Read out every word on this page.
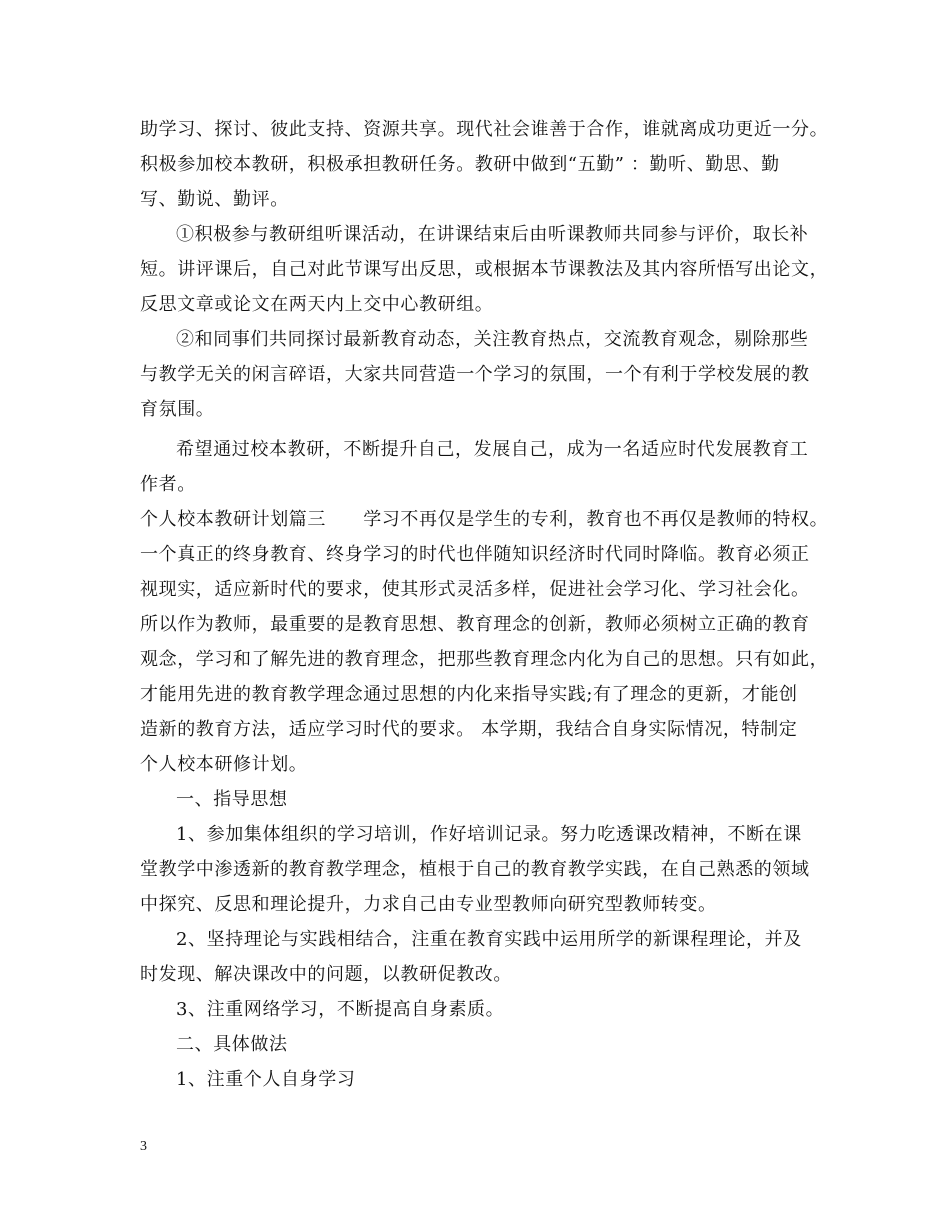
助学习、探讨、彼此支持、资源共享。现代社会谁善于合作，谁就离成功更近一分。
积极参加校本教研，积极承担教研任务。教研中做到“五勤” ：勤听、勤思、勤
写、勤说、勤评。
①积极参与教研组听课活动，在讲课结束后由听课教师共同参与评价，取长补
短。讲评课后，自己对此节课写出反思，或根据本节课教法及其内容所悟写出论文，
反思文章或论文在两天内上交中心教研组。
②和同事们共同探讨最新教育动态，关注教育热点，交流教育观念，剔除那些
与教学无关的闲言碎语，大家共同营造一个学习的氛围，一个有利于学校发展的教
育氛围。
希望通过校本教研，不断提升自己，发展自己，成为一名适应时代发展教育工
作者。
个人校本教研计划篇三　　学习不再仅是学生的专利，教育也不再仅是教师的特权。
一个真正的终身教育、终身学习的时代也伴随知识经济时代同时降临。教育必须正
视现实，适应新时代的要求，使其形式灵活多样，促进社会学习化、学习社会化。
所以作为教师，最重要的是教育思想、教育理念的创新，教师必须树立正确的教育
观念，学习和了解先进的教育理念，把那些教育理念内化为自己的思想。只有如此，
才能用先进的教育教学理念通过思想的内化来指导实践;有了理念的更新，才能创
造新的教育方法，适应学习时代的要求。 本学期，我结合自身实际情况，特制定
个人校本研修计划。
一、指导思想
1、参加集体组织的学习培训，作好培训记录。努力吃透课改精神，不断在课
堂教学中渗透新的教育教学理念，植根于自己的教育教学实践，在自己熟悉的领域
中探究、反思和理论提升，力求自己由专业型教师向研究型教师转变。
2、坚持理论与实践相结合，注重在教育实践中运用所学的新课程理论，并及
时发现、解决课改中的问题，以教研促教改。
3、注重网络学习，不断提高自身素质。
二、具体做法
1、注重个人自身学习
3
